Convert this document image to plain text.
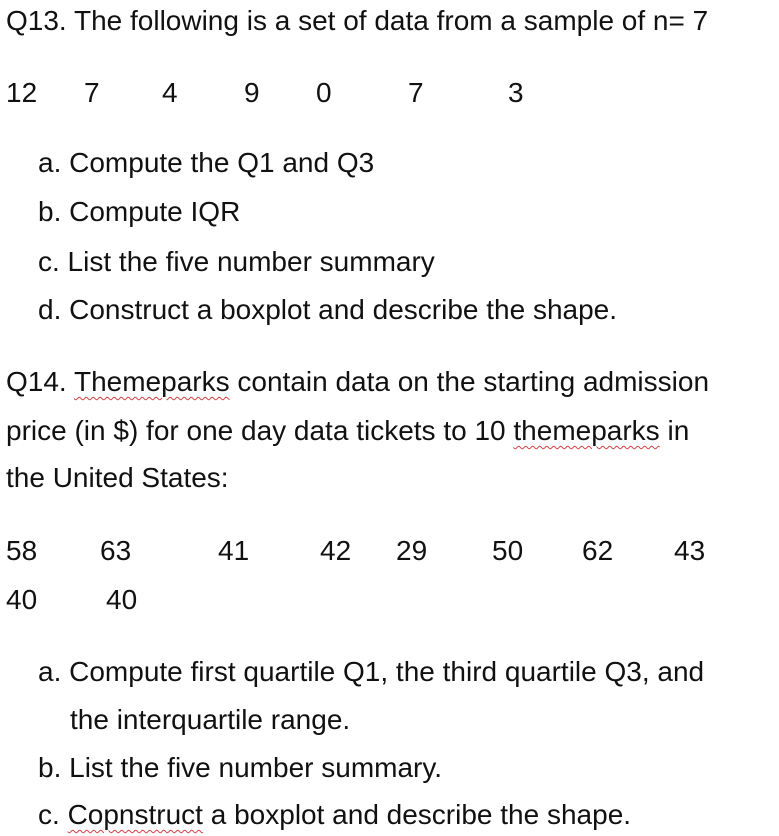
Q13. The following is a set of data from a sample of n= 7
12 7 4 9 0	7	3
a. Compute the Q1 and Q3
b. Compute IQR
c. List the five number summary
d. Construct a boxplot and describe the shape.
Q14. Themeparks contain data on the starting admission
price (in $) for one day data tickets to 10 themeparks in
the United States:
58 63	41	42 29 50 62 43
40 40
a. Compute first quartile Q1, the third quartile Q3, and
the interquartile range.
b. List the five number summary.
c. Copnstruct a boxplot and describe the shape.
